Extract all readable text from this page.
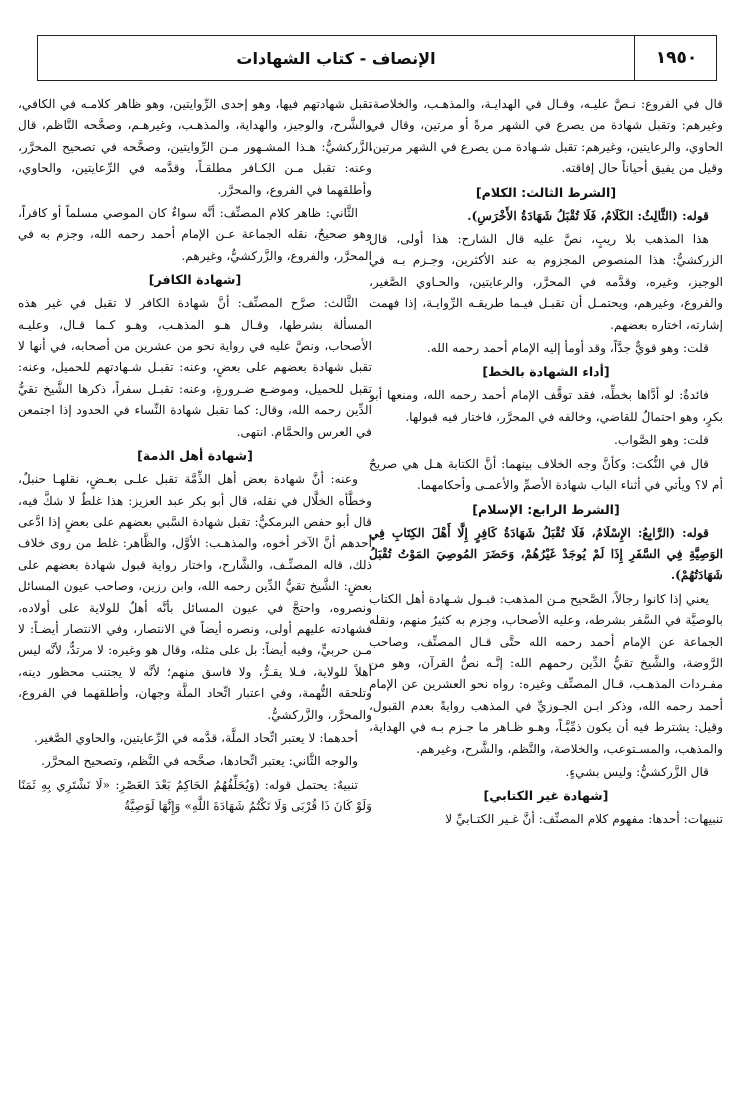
١٩٥٠
الإنصاف - كتاب الشهادات

قال في الفروع: نـصَّ عليـه، وقـال في الهدايـة، والمذهـب، والخلاصة، وغيرهم: وتقبل شهادة من يصرع في الشهر مرةً أو مرتين، وقال في الحاوي، والرعايتين، وغيرهم: تقبل شـهادة مـن يصرع في الشهر مرتين، وقيل من يفيق أحياناً حال إفاقته.

[الشرط الثالث: الكلام]

قوله: (الثَّالِثُ: الكَلَامُ، فَلَا تُقْبَلُ شَهَادَةُ الأَخْرَسِ).

هذا المذهب بلا ريبٍ، نصَّ عليه قال الشارح: هذا أولى، قال الزركشيُّ: هذا المنصوص المجزوم به عند الأكثرين، وجـزم بـه في الوجيز، وغيره، وقدَّمه في المحرَّر، والرعايتين، والحـاوي الصَّغير، والفروع، وغيرهم، ويحتمـل أن تقبـل فيـما طريقـه الرِّوايـة، إذا فهمت إشارته، اختاره بعضهم.

قلت: وهو قويٌّ جدَّاً، وقد أومأ إليه الإمام أحمد رحمه الله.

[أداء الشهادة بالخط]

فائدةٌ: لو أدَّاها بخطِّه، فقد توقَّف الإمام أحمد رحمه الله، ومنعها أبو بكرٍ، وهو احتمالٌ للقاضي، وخالفه في المحرَّر، فاختار فيه قبولها.

قلت: وهو الصَّواب.

قال في النُّكت: وكأنَّ وجه الخلاف بينهما: أنَّ الكتابة هـل هي صريحٌ أم لا؟ ويأتي في أثناء الباب شهادة الأصمِّ والأعمـى وأحكامهما.

[الشرط الرابع: الإسلام]

قوله: (الرَّابِعُ: الإِسْلَامُ، فَلَا تُقْبَلُ شَهَادَةُ كَافِرٍ إِلَّا أَهْلَ الكِتَابِ فِي الوَصِيَّةِ فِي السَّفَرِ إِذَا لَمْ يُوجَدْ غَيْرُهُمْ، وَحَضَرَ المُوصِيَ المَوْتُ تُقْبَلُ شَهَادَتُهُمْ).

يعني إذا كانوا رجالاً، الصَّحيح مـن المذهب: قبـول شـهادة أهل الكتاب بالوصيَّة في السَّفر بشرطه، وعليه الأصحاب، وجزم به كثيرٌ منهم، ونقله الجماعة عن الإمام أحمد رحمه الله حتَّى قـال المصنِّف، وصاحب الرَّوضة، والشَّيخ تقيُّ الدِّين رحمهم الله: إنَّـه نصُّ القرآن، وهو من مفـردات المذهـب، قـال المصنِّف وغيره: رواه نحو العشرين عن الإمام أحمد رحمه الله، وذكر ابـن الجـوزيِّ في المذهب روايةً بعدم القبول، وقيل: يشترط فيه أن يكون ذمِّيَّـاً، وهـو ظـاهر ما جـزم بـه في الهداية، والمذهب، والمسـتوعب، والخلاصة، والنَّظم، والشَّرح، وغيرهم.

قال الزَّركشيُّ: وليس بشيءٍ.

[شهادة غير الكتابي]

تنبيهات: أحدها: مفهوم كلام المصنِّف: أنَّ غـير الكتـابيِّ لا

تقبل شهادتهم فيها، وهو إحدى الرِّوايتين، وهو ظاهر كلامـه في الكافي، والشَّرح، والوجيز، والهداية، والمذهـب، وغيرهـم، وصحَّحه النَّاظم، قال الزَّركشيُّ: هـذا المشـهور مـن الرِّوايتين، وصحَّحه في تصحيح المحرَّر، وعنه: تقبل مـن الكـافر مطلقـاً، وقدَّمه في الرِّعايتين، والحاوي، وأطلقهما في الفروع، والمحرَّر.

الثَّاني: ظاهر كلام المصنِّف: أنَّه سواءٌ كان الموصي مسلماً أو كافراً، وهو صحيحٌ، نقله الجماعة عـن الإمام أحمد رحمه الله، وجزم به في المحرَّر، والفروع، والزَّركشيُّ، وغيرهم.

[شهادة الكافر]

الثَّالث: صرَّح المصنِّف: أنَّ شهادة الكافر لا تقبل في غير هذه المسألة بشرطها، وقـال هـو المذهـب، وهـو كـما قـال، وعليـه الأصحاب، ونصَّ عليه في رواية نحو من عشرين من أصحابه، في أنها لا تقبل شهادة بعضهم على بعضٍ، وعنه: تقبـل شـهادتهم للحميل، وعنه: تقبل للحميل، وموضـع ضـرورةٍ، وعنه: تقبـل سفراً، ذكرها الشَّيخ تقيُّ الدِّين رحمه الله، وقال: كما تقبل شهادة النِّساء في الحدود إذا اجتمعن في العرس والحمَّام. انتهى.

[شهادة أهل الذمة]

وعنه: أنَّ شهادة بعض أهل الذِّمَّة تقبل علـى بعـضٍ، نقلهـا حنبلٌ، وخطَّأه الخلَّال في نقله، قال أبو بكر عبد العزيز: هذا غلطٌ لا شكَّ فيه، قال أبو حفص البرمكيُّ: تقبل شهادة السَّبي بعضهم على بعضٍ إذا ادَّعى أحدهم أنَّ الآخر أخوه، والمذهـب: الأوَّل، والظَّاهر: غلط من روى خلاف ذلك، قاله المصنِّـف، والشَّارح، واختار رواية قبول شهادة بعضهم على بعضٍ: الشَّيخ تقيُّ الدِّين رحمه الله، وابن رزين، وصاحب عيون المسائل ونصروه، واحتجَّ في عيون المسائل بأنَّه أهلٌ للولاية على أولاده، فشهادته عليهم أولى، ونصره أيضاً في الانتصار، وفي الانتصار أيضـاً: لا مـن حربيٍّ، وفيه أيضاً: بل على مثله، وقال هو وغيره: لا مرتدٌّ، لأنَّه ليس أهلاً للولاية، فـلا يقـرُّ، ولا فاسق منهم؛ لأنَّه لا يجتنب محظور دينه، وتلحقه التُّهمة، وفي اعتبار اتِّحاد الملَّة وجهان، وأطلقهما في الفروع، والمحرَّر، والزَّركشيُّ.

أحدهما: لا يعتبر اتِّحاد الملَّة، قدَّمه في الرِّعايتين، والحاوي الصَّغير.

والوجه الثَّاني: يعتبر اتِّحادها، صحَّحه في النَّظم، وتصحيح المحرَّر.

تنبيهٌ: يحتمل قوله: (وَيُحَلِّفُهُمُ الحَاكِمُ بَعْدَ العَصْرِ: «لَا نَشْتَرِي بِهِ ثَمَنًا وَلَوْ كَانَ ذَا قُرْبَى وَلَا نَكْتُمُ شَهَادَةَ اللَّهِ» وَإِنَّهَا لَوَصِيَّةُ
